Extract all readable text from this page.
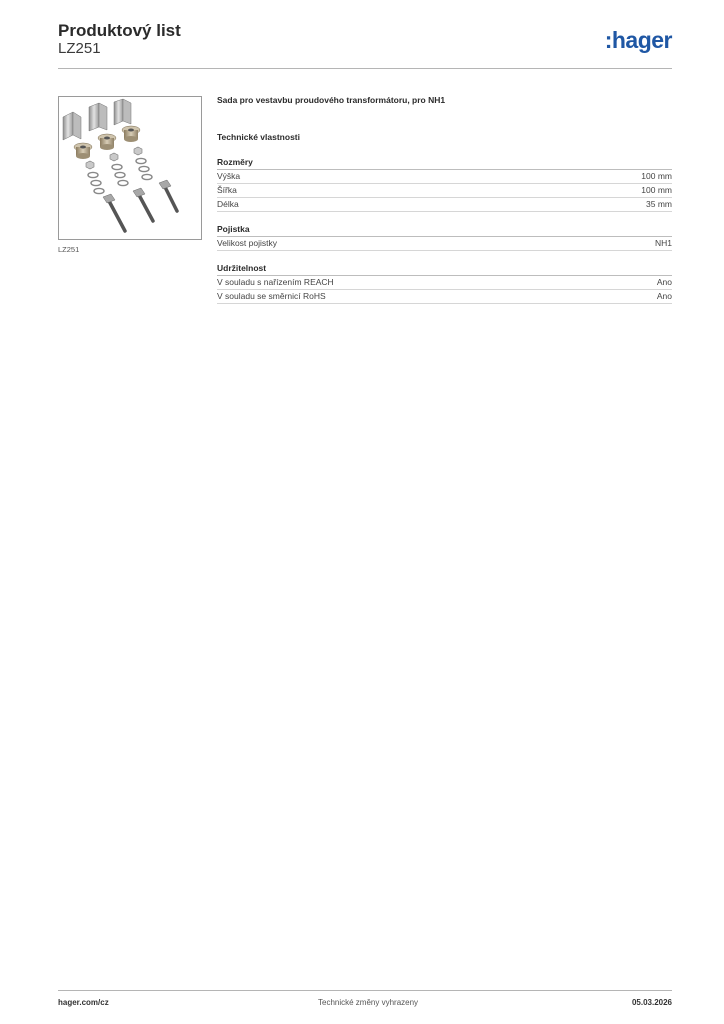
Produktový list
LZ251	:hager
LZ251
Sada pro vestavbu proudového transformátoru, pro NH1
Technické vlastnosti
Rozměry
Výška	100 mm
Šířka	100 mm
Délka	35 mm
Pojistka
Velikost pojistky	NH1
Udržitelnost
V souladu s nařízením REACH	Ano
V souladu se směrnicí RoHS	Ano
hager.com/cz	Technické změny vyhrazeny	05.03.2026
